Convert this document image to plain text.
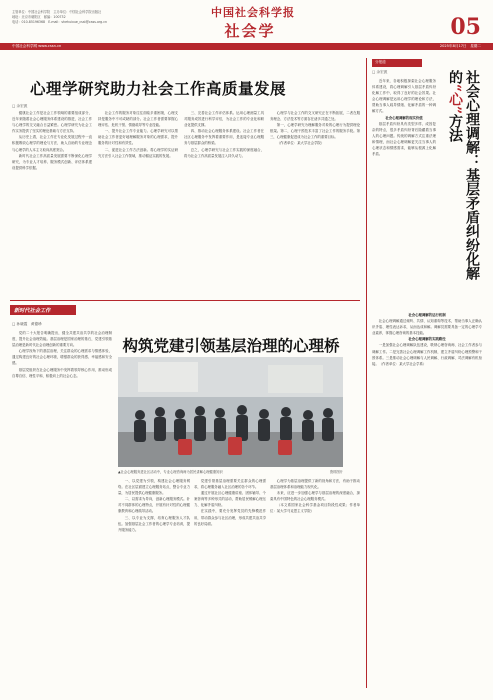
主管单位：中国社会科学院　主办单位：中国社会科学院出版社
地址：北京市朝阳区　邮编：100732
电话：010-85196368　E-mail：shehuixue_csst@cass.org.cn
中国社会科学报
社会学	05
中国社会科学网 www.cssn.cn	2025年8月17日　星期二
心理学研究助力社会工作高质量发展
□ 余宏波
健康社会工作是社会工作领域的重要组成部分，近年来随着社会心理服务体系建设的推进，社会工作与心理学的交叉融合日益紧密。心理学研究为社会工作实务提供了坚实的理论基础与方法支持。
从历史上看，社会工作在专业化发展过程中一直积极吸收心理学的理论与方法，助人自助的专业理念与心理学的人本主义取向高度契合。
新时代社会工作高质量发展需要不断深化心理学研究，为专业人才培养、服务模式创新、评估体系建设提供科学依据。
社会工作的服务对象往往面临多重困境，心理支持是服务中不可或缺的部分。社会工作者需要掌握心理评估、危机干预、情绪疏导等专业技能。
一、提升社会工作专业能力。心理学研究可以帮助社会工作者更好地理解服务对象的心理需求，提升服务的针对性和有效性。
二、促进社会工作方法创新。将心理学的实证研究方法引入社会工作领域，推动循证实践的发展。
三、完善社会工作评估体系。运用心理测量工具对服务成效进行科学评估，为社会工作的专业化和职业化提供支撑。
四、推动社会心理服务体系建设。社会工作者在社区心理服务中发挥着重要作用，是连接专业心理服务与基层群众的桥梁。
总之，心理学研究与社会工作实践的深度融合，将为社会工作高质量发展注入持久动力。
心理学与社会工作的交叉研究正在不断拓展，二者在服务理念、方法技术等方面存在诸多共通之处。
第一，心理学研究为理解服务对象的心理行为提供理论框架。第二，心理干预技术丰富了社会工作的服务手段。第三，心理健康促进成为社会工作的重要目标。
（作者单位：某大学社会学院）
新时代社会工作
构筑党建引领基层治理的心理桥
□ 孙晓霞　黄德珍
党的二十大报告明确提出，健全共建共治共享的社会治理制度，提升社会治理效能。基层治理是国家治理的基石，党建引领基层治理是新时代社会治理创新的重要方向。
心理学视角下的基层治理，关注群众的心理需求与情感体验，通过构建良好的社会心理环境，增强群众的获得感、幸福感和安全感。
基层党组织在社会心理服务中发挥着领导核心作用，推动形成自尊自信、理性平和、积极向上的社会心态。
▲社会心理服务进社区活动中，专业心理咨询师为居民讲解心理健康知识	资料图片
一、以党建为引领，构建社会心理服务网络。在社区层面建立心理服务站点，整合专业力量，为居民提供心理健康服务。
二、以需求为导向，创新心理服务模式。针对不同群体的心理特点，开展有针对性的心理健康教育和心理疏导活动。
三、以专业为支撑，培育心理服务人才队伍。加强基层社会工作者的心理学专业培训，提升服务能力。
党建引领基层治理需要关注群众的心理需求，将心理服务融入社区治理的各个环节。
通过开展社区心理健康讲座、团体辅导、个案咨询等多种形式的活动，帮助居民缓解心理压力、化解矛盾纠纷。
在实践中，要充分发挥党员的先锋模范作用，带动群众参与社区治理，形成共建共治共享的良好局面。
心理学为基层治理提供了新的视角和方法，有助于推动基层治理体系和治理能力现代化。
未来，应进一步加强心理学与基层治理的深度融合，探索具有中国特色的社会心理服务模式。
（本文系国家社会科学基金项目阶段性成果；作者单位：某大学马克思主义学院）
分报道
社会心理调解：基层矛盾纠纷化解的“心”方法
□ 余宏波
近年来，各地积极探索社会心理服务体系建设，将心理调解引入基层矛盾纠纷化解工作中，取得了良好的社会效果。社会心理调解是运用心理学的理论和方法，帮助当事人疏导情绪、化解矛盾的一种调解方式。
社会心理调解的现实价值
基层矛盾纠纷具有类型多样、成因复杂的特点，很多矛盾纠纷背后隐藏着当事人的心理问题。传统的调解方式注重法理和情理，而社会心理调解更关注当事人的心理状态和情感需求，能够从根源上化解矛盾。
社会心理调解的运行机制
社会心理调解通过倾听、共情、认知重构等技术，帮助当事人正确认识矛盾、理性表达诉求，从而达成和解。调解员需要具备一定的心理学专业素养，掌握心理咨询的基本技能。
社会心理调解的实践路径
一是加强社会心理调解队伍建设，吸纳心理咨询师、社会工作者参与调解工作。二是完善社会心理调解工作机制，建立矛盾纠纷心理预警和干预体系。三是推动社会心理调解与人民调解、行政调解、司法调解有机衔接。（作者单位：某大学社会学系）
